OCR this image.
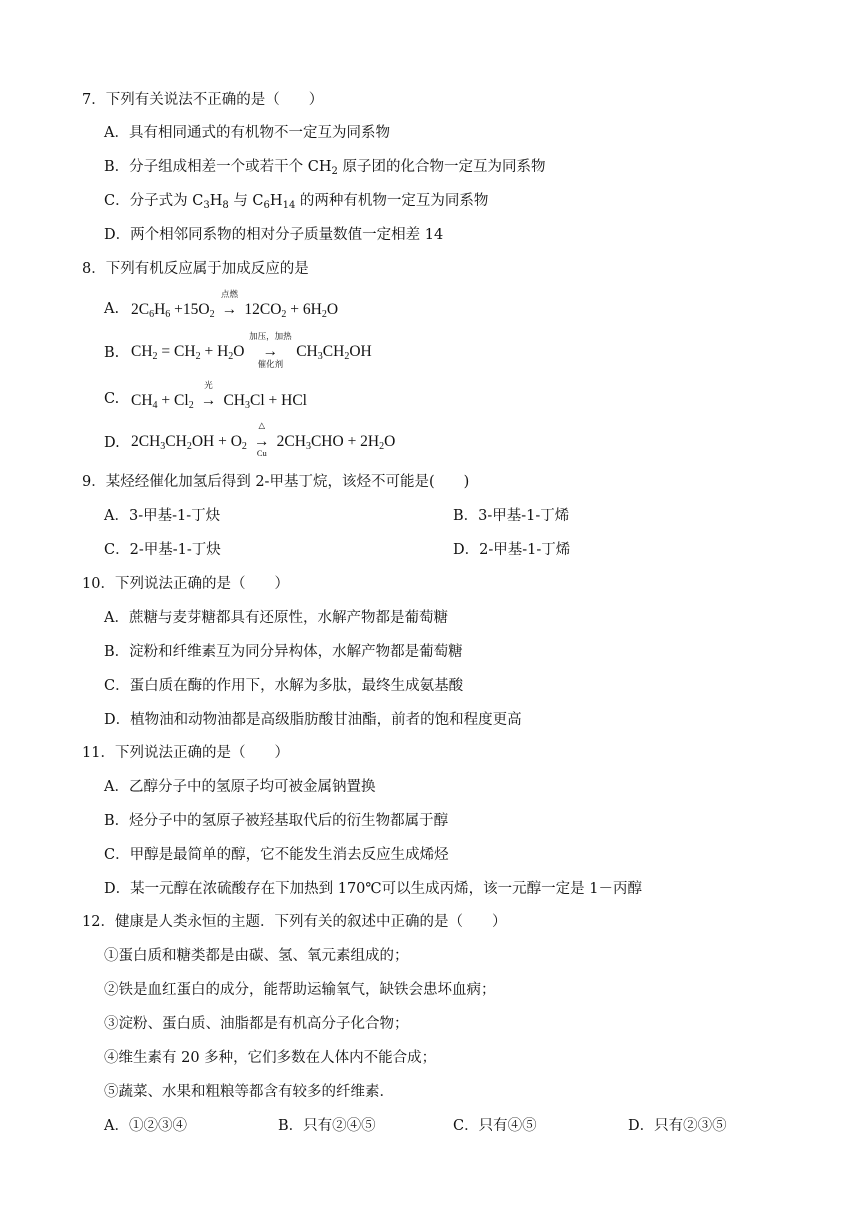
7．下列有关说法不正确的是（　　）
A．具有相同通式的有机物不一定互为同系物
B．分子组成相差一个或若干个 $CH_2$ 原子团的化合物一定互为同系物
C．分子式为 $C_3H_8$ 与 $C_6H_{14}$ 的两种有机物一定互为同系物
D．两个相邻同系物的相对分子质量数值一定相差 14
8．下列有机反应属于加成反应的是
A. $2C_6H_6 +15O_2$
点燃
→ $12CO_2 + 6H_2O$
B. $CH_2 = CH_2 + H_2O$
加压，加热
→
催化剂
$CH_3CH_2OH$
C. $CH_4 + Cl_2$
光
→ $CH_3Cl$ + HCl
D. $2CH_3CH_2OH + O_2$
△
→
Cu
$2CH_3CHO + 2H_2O$
9．某烃经催化加氢后得到 2-甲基丁烷，该烃不可能是(　　)
A．3-甲基-1-丁炔	B．3-甲基-1-丁烯
C．2-甲基-1-丁炔	D．2-甲基-1-丁烯
10．下列说法正确的是（　　）
A．蔗糖与麦芽糖都具有还原性，水解产物都是葡萄糖
B．淀粉和纤维素互为同分异构体，水解产物都是葡萄糖
C．蛋白质在酶的作用下，水解为多肽，最终生成氨基酸
D．植物油和动物油都是高级脂肪酸甘油酯，前者的饱和程度更高
11．下列说法正确的是（　　）
A．乙醇分子中的氢原子均可被金属钠置换
B．烃分子中的氢原子被羟基取代后的衍生物都属于醇
C．甲醇是最简单的醇，它不能发生消去反应生成烯烃
D．某一元醇在浓硫酸存在下加热到 170℃可以生成丙烯，该一元醇一定是 1－丙醇
12．健康是人类永恒的主题．下列有关的叙述中正确的是（　　）
①蛋白质和糖类都是由碳、氢、氧元素组成的；
②铁是血红蛋白的成分，能帮助运输氧气，缺铁会患坏血病；
③淀粉、蛋白质、油脂都是有机高分子化合物；
④维生素有 20 多种，它们多数在人体内不能合成；
⑤蔬菜、水果和粗粮等都含有较多的纤维素．
A．①②③④	B．只有②④⑤	C．只有④⑤	D．只有②③⑤
